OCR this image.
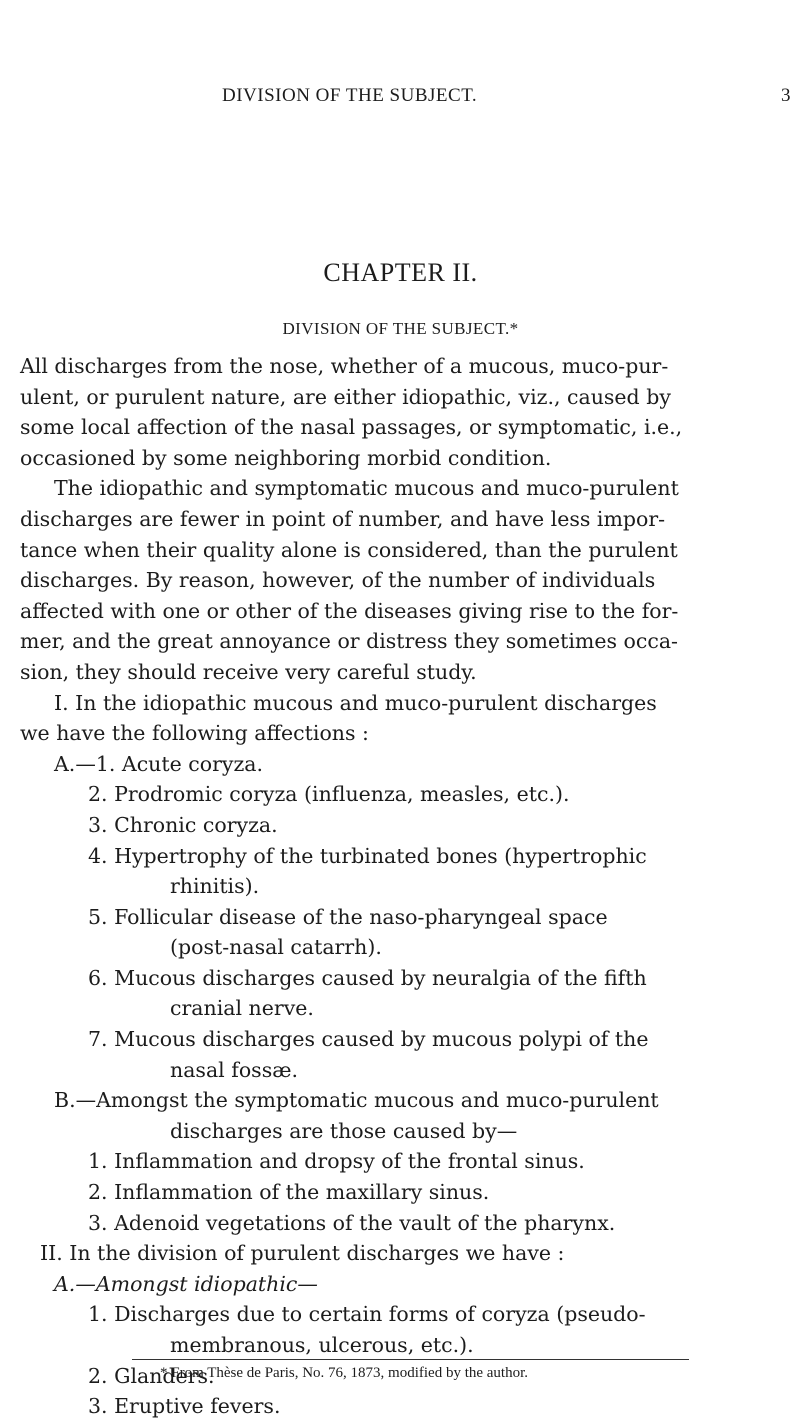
DIVISION OF THE SUBJECT.	3
CHAPTER II.
DIVISION OF THE SUBJECT.*
All discharges from the nose, whether of a mucous, muco-pur-
ulent, or purulent nature, are either idiopathic, viz., caused by
some local affection of the nasal passages, or symptomatic, i.e.,
occasioned by some neighboring morbid condition.
The idiopathic and symptomatic mucous and muco-purulent
discharges are fewer in point of number, and have less impor-
tance when their quality alone is considered, than the purulent
discharges. By reason, however, of the number of individuals
affected with one or other of the diseases giving rise to the for-
mer, and the great annoyance or distress they sometimes occa-
sion, they should receive very careful study.
I. In the idiopathic mucous and muco-purulent discharges
we have the following affections :
A.—1. Acute coryza.
2. Prodromic coryza (influenza, measles, etc.).
3. Chronic coryza.
4. Hypertrophy of the turbinated bones (hypertrophic
rhinitis).
5. Follicular disease of the naso-pharyngeal space
(post-nasal catarrh).
6. Mucous discharges caused by neuralgia of the fifth
cranial nerve.
7. Mucous discharges caused by mucous polypi of the
nasal fossæ.
B.—Amongst the symptomatic mucous and muco-purulent
discharges are those caused by—
1. Inflammation and dropsy of the frontal sinus.
2. Inflammation of the maxillary sinus.
3. Adenoid vegetations of the vault of the pharynx.
II. In the division of purulent discharges we have :
A.—Amongst idiopathic—
1. Discharges due to certain forms of coryza (pseudo-
membranous, ulcerous, etc.).
2. Glanders.
3. Eruptive fevers.
* From Thèse de Paris, No. 76, 1873, modified by the author.
